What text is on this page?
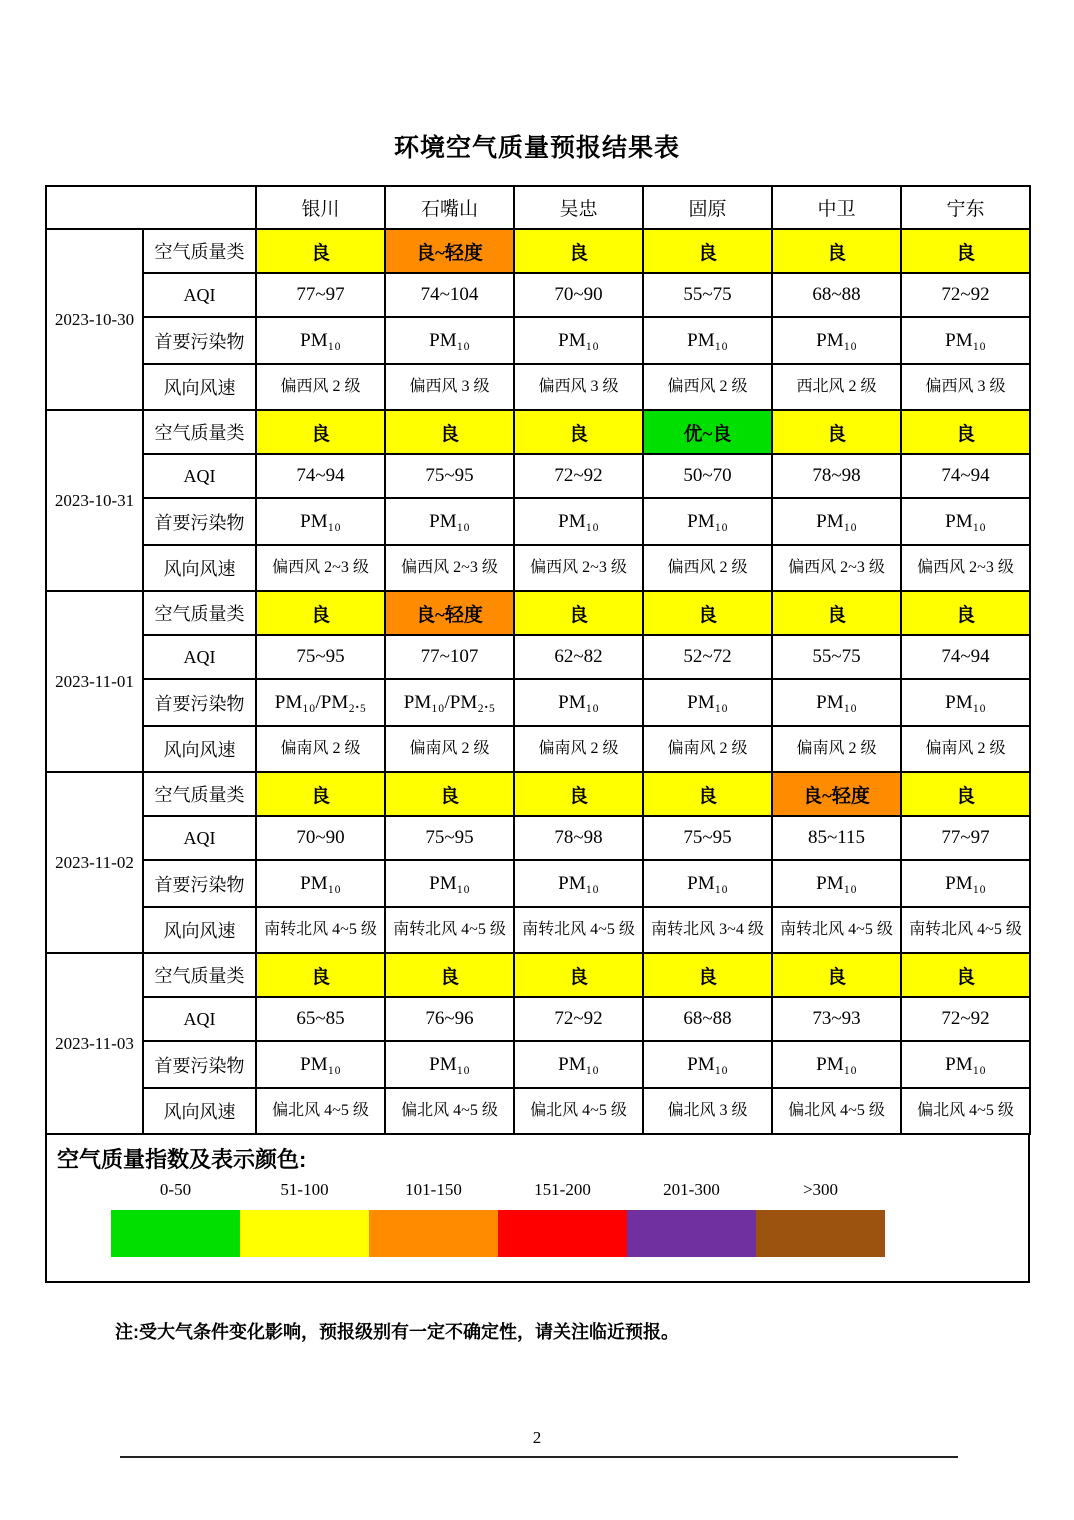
环境空气质量预报结果表
		银川	石嘴山	吴忠	固原	中卫	宁东
2023-10-30	空气质量类	良	良~轻度	良	良	良	良
	AQI	77~97	74~104	70~90	55~75	68~88	72~92
	首要污染物	PM₁₀	PM₁₀	PM₁₀	PM₁₀	PM₁₀	PM₁₀
	风向风速	偏西风 2 级	偏西风 3 级	偏西风 3 级	偏西风 2 级	西北风 2 级	偏西风 3 级

2023-10-31	空气质量类	良	良	良	优~良	良	良
	AQI	74~94	75~95	72~92	50~70	78~98	74~94
	首要污染物	PM₁₀	PM₁₀	PM₁₀	PM₁₀	PM₁₀	PM₁₀
	风向风速	偏西风 2~3 级	偏西风 2~3 级	偏西风 2~3 级	偏西风 2 级	偏西风 2~3 级	偏西风 2~3 级

2023-11-01	空气质量类	良	良~轻度	良	良	良	良
	AQI	75~95	77~107	62~82	52~72	55~75	74~94
	首要污染物	PM₁₀/PM₂.₅	PM₁₀/PM₂.₅	PM₁₀	PM₁₀	PM₁₀	PM₁₀
	风向风速	偏南风 2 级	偏南风 2 级	偏南风 2 级	偏南风 2 级	偏南风 2 级	偏南风 2 级

2023-11-02	空气质量类	良	良	良	良	良~轻度	良
	AQI	70~90	75~95	78~98	75~95	85~115	77~97
	首要污染物	PM₁₀	PM₁₀	PM₁₀	PM₁₀	PM₁₀	PM₁₀
	风向风速	南转北风 4~5 级	南转北风 4~5 级	南转北风 4~5 级	南转北风 3~4 级	南转北风 4~5 级	南转北风 4~5 级

2023-11-03	空气质量类	良	良	良	良	良	良
	AQI	65~85	76~96	72~92	68~88	73~93	72~92
	首要污染物	PM₁₀	PM₁₀	PM₁₀	PM₁₀	PM₁₀	PM₁₀
	风向风速	偏北风 4~5 级	偏北风 4~5 级	偏北风 4~5 级	偏北风 3 级	偏北风 4~5 级	偏北风 4~5 级
空气质量指数及表示颜色:
0-50	51-100	101-150	151-200	201-300	>300
注:受大气条件变化影响，预报级别有一定不确定性，请关注临近预报。
2
